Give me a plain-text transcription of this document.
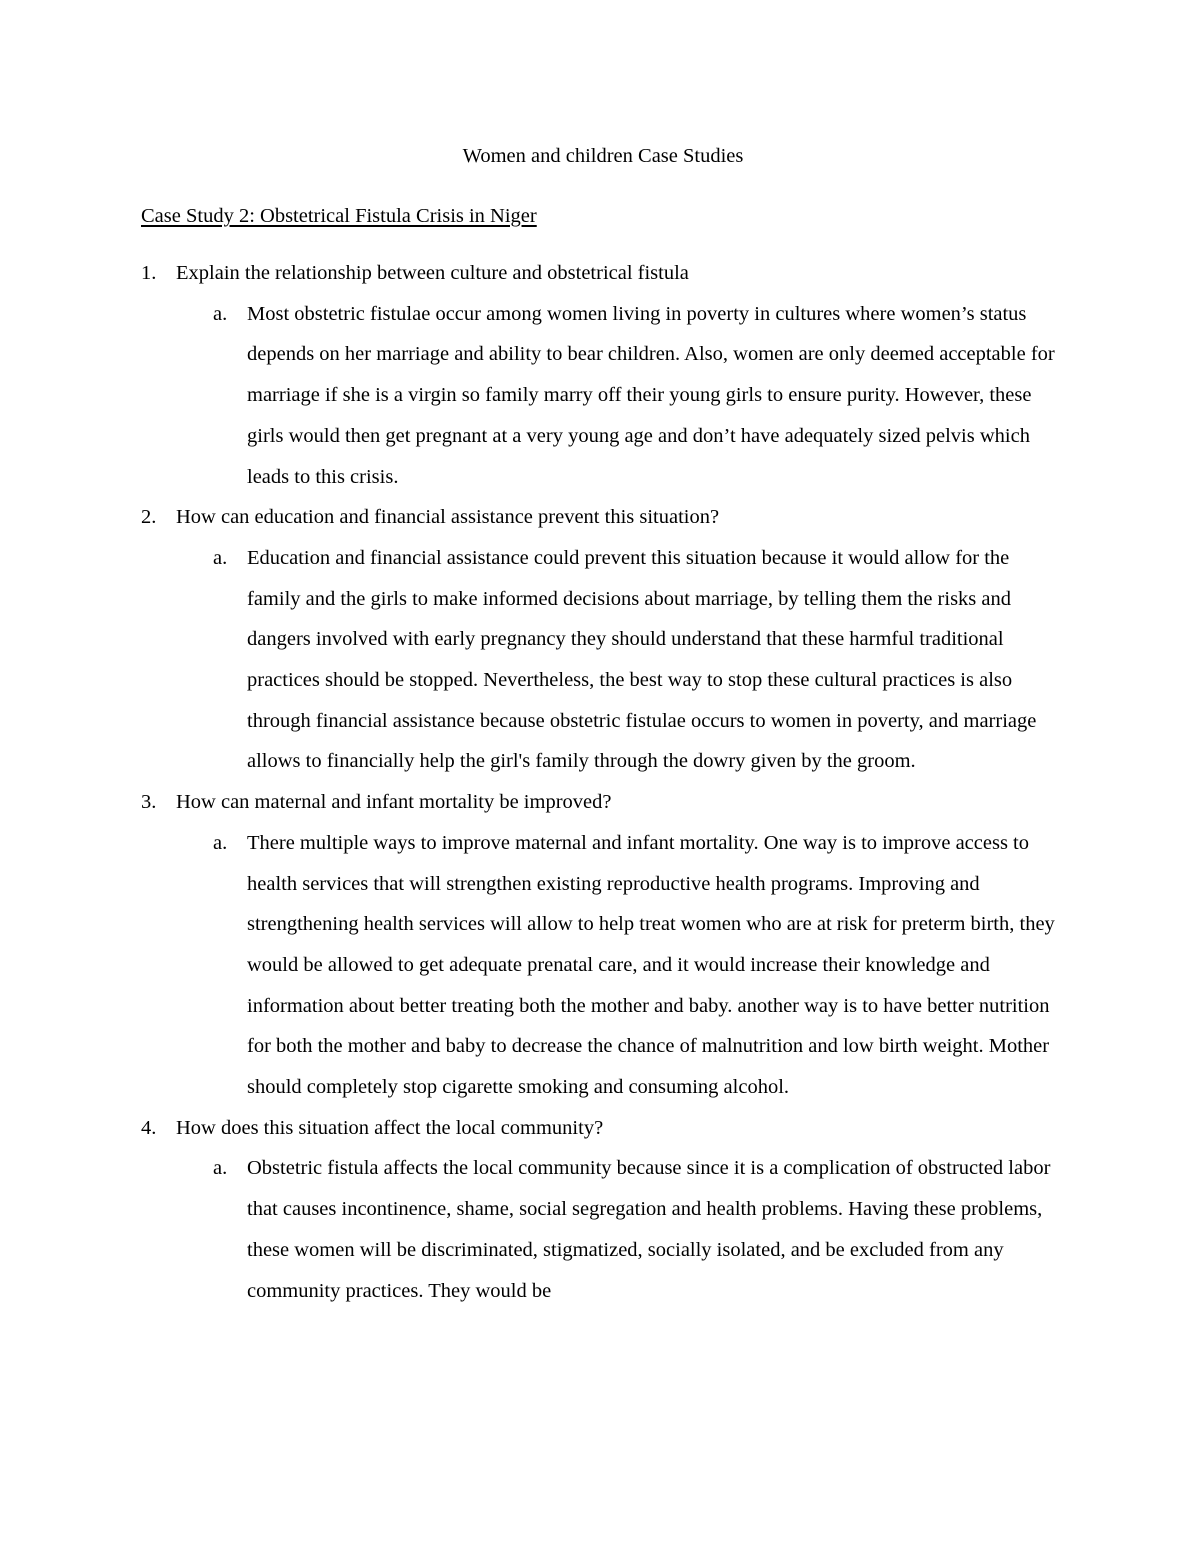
Women and children Case Studies
Case Study 2: Obstetrical Fistula Crisis in Niger
1. Explain the relationship between culture and obstetrical fistula
a. Most obstetric fistulae occur among women living in poverty in cultures where women’s status depends on her marriage and ability to bear children. Also, women are only deemed acceptable for marriage if she is a virgin so family marry off their young girls to ensure purity. However, these girls would then get pregnant at a very young age and don’t have adequately sized pelvis which leads to this crisis.
2. How can education and financial assistance prevent this situation?
a. Education and financial assistance could prevent this situation because it would allow for the family and the girls to make informed decisions about marriage, by telling them the risks and dangers involved with early pregnancy they should understand that these harmful traditional practices should be stopped. Nevertheless, the best way to stop these cultural practices is also through financial assistance because obstetric fistulae occurs to women in poverty, and marriage allows to financially help the girl's family through the dowry given by the groom.
3. How can maternal and infant mortality be improved?
a. There multiple ways to improve maternal and infant mortality. One way is to improve access to health services that will strengthen existing reproductive health programs. Improving and strengthening health services will allow to help treat women who are at risk for preterm birth, they would be allowed to get adequate prenatal care, and it would increase their knowledge and information about better treating both the mother and baby. another way is to have better nutrition for both the mother and baby to decrease the chance of malnutrition and low birth weight. Mother should completely stop cigarette smoking and consuming alcohol.
4. How does this situation affect the local community?
a. Obstetric fistula affects the local community because since it is a complication of obstructed labor that causes incontinence, shame, social segregation and health problems. Having these problems, these women will be discriminated, stigmatized, socially isolated, and be excluded from any community practices. They would be
